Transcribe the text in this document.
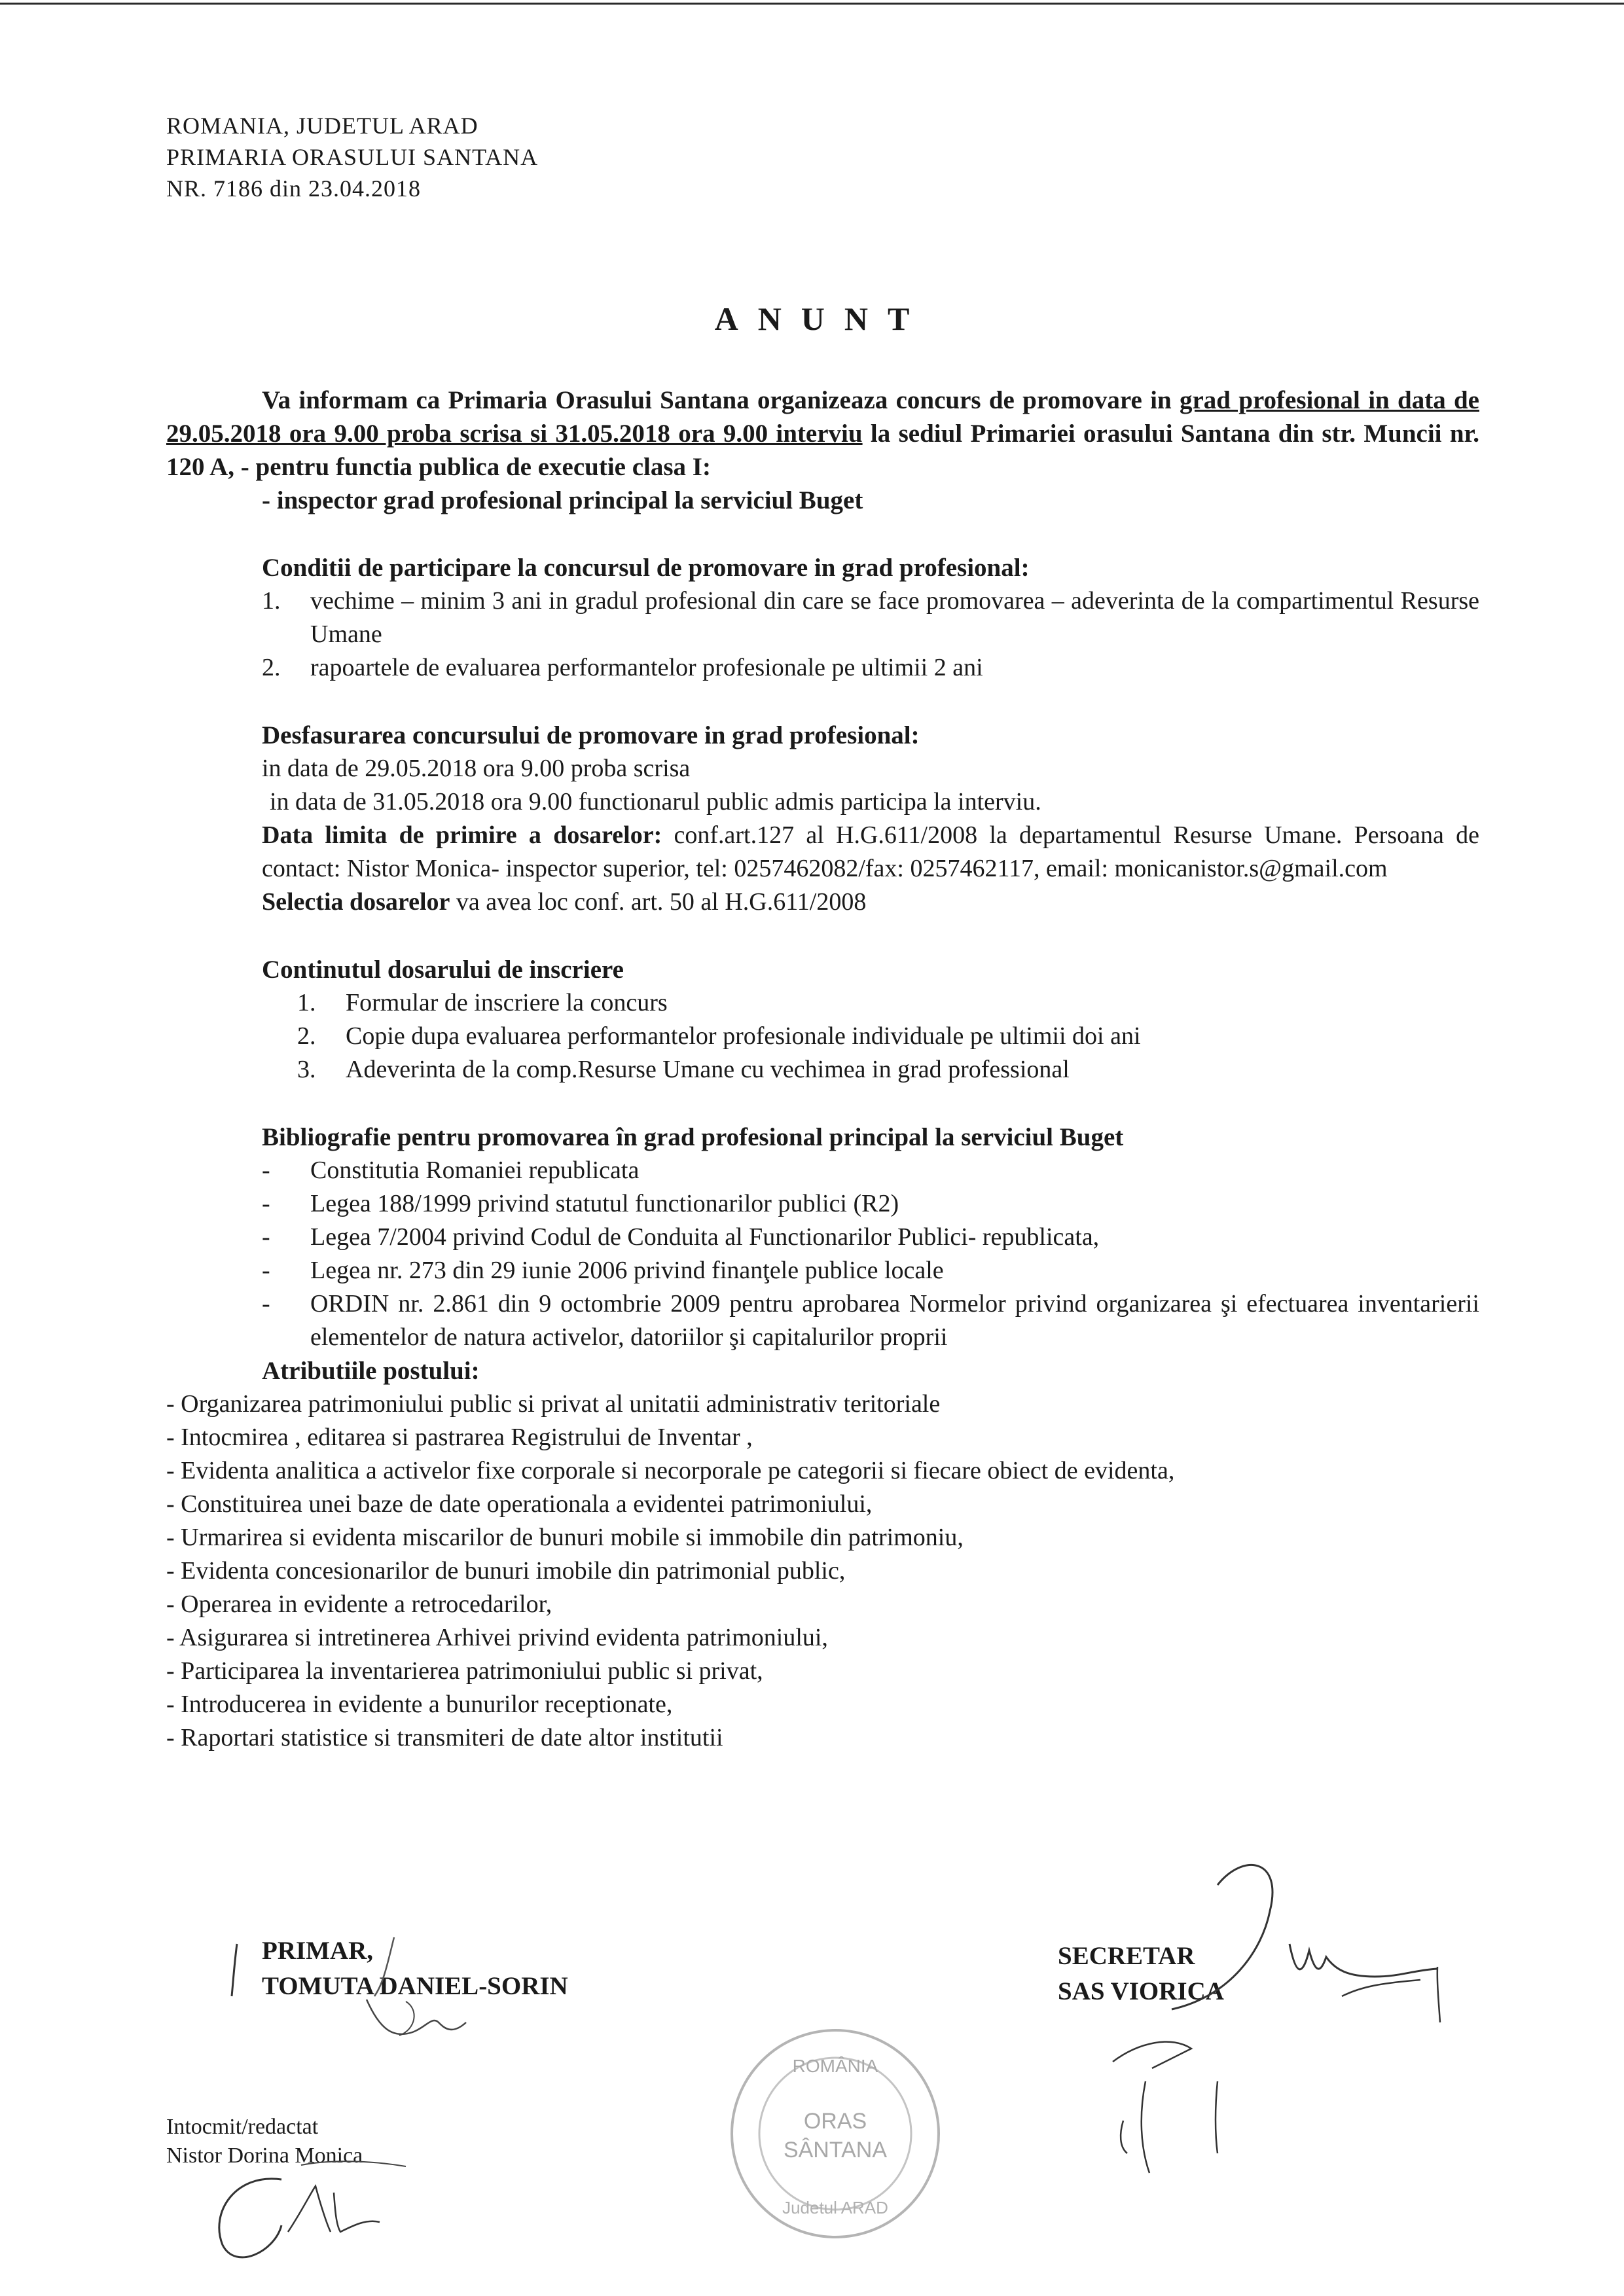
ROMANIA, JUDETUL ARAD
PRIMARIA ORASULUI SANTANA
NR. 7186 din 23.04.2018
ANUNT
Va informam ca Primaria Orasului Santana organizeaza concurs de promovare in grad profesional in data de 29.05.2018 ora 9.00 proba scrisa si 31.05.2018 ora 9.00 interviu la sediul Primariei orasului Santana din str. Muncii nr. 120 A, - pentru functia publica de executie clasa I:
- inspector grad profesional principal la serviciul Buget
Conditii de participare la concursul de promovare in grad profesional:
1.	vechime – minim 3 ani in gradul profesional din care se face promovarea – adeverinta de la compartimentul Resurse Umane
2.	rapoartele de evaluarea performantelor profesionale pe ultimii 2 ani
Desfasurarea concursului de promovare in grad profesional:
in data de 29.05.2018 ora 9.00 proba scrisa
in data de 31.05.2018 ora 9.00 functionarul public admis participa la interviu.
Data limita de primire a dosarelor: conf.art.127 al H.G.611/2008 la departamentul Resurse Umane. Persoana de contact: Nistor Monica- inspector superior, tel: 0257462082/fax: 0257462117, email: monicanistor.s@gmail.com
Selectia dosarelor va avea loc conf. art. 50 al H.G.611/2008
Continutul dosarului de inscriere
1.	Formular de inscriere la concurs
2.	Copie dupa evaluarea performantelor profesionale individuale pe ultimii doi ani
3.	Adeverinta de la comp.Resurse Umane cu vechimea in grad professional
Bibliografie pentru promovarea în grad profesional principal la serviciul Buget
-	Constitutia Romaniei republicata
-	Legea 188/1999 privind statutul functionarilor publici (R2)
-	Legea 7/2004 privind Codul de Conduita al Functionarilor Publici- republicata,
-	Legea nr. 273 din 29 iunie 2006 privind finanţele publice locale
-	ORDIN nr. 2.861 din 9 octombrie 2009 pentru aprobarea Normelor privind organizarea şi efectuarea inventarierii elementelor de natura activelor, datoriilor şi capitalurilor proprii
Atributiile postului:
- Organizarea patrimoniului public si privat al unitatii administrativ teritoriale
- Intocmirea , editarea si pastrarea Registrului de Inventar ,
- Evidenta analitica a activelor fixe corporale si necorporale pe categorii si fiecare obiect de evidenta,
- Constituirea unei baze de date operationala a evidentei patrimoniului,
- Urmarirea si evidenta miscarilor de bunuri mobile si immobile din patrimoniu,
- Evidenta concesionarilor de bunuri imobile din patrimonial public,
- Operarea in evidente a retrocedarilor,
- Asigurarea si intretinerea Arhivei privind evidenta patrimoniului,
- Participarea la inventarierea patrimoniului public si privat,
- Introducerea in evidente a bunurilor receptionate,
- Raportari statistice si transmiteri de date altor institutii
PRIMAR,
TOMUTA DANIEL-SORIN
SECRETAR
SAS VIORICA
Intocmit/redactat
Nistor Dorina Monica
ROMÂNIA
ORAS
SÂNTANA
Judetul ARAD
